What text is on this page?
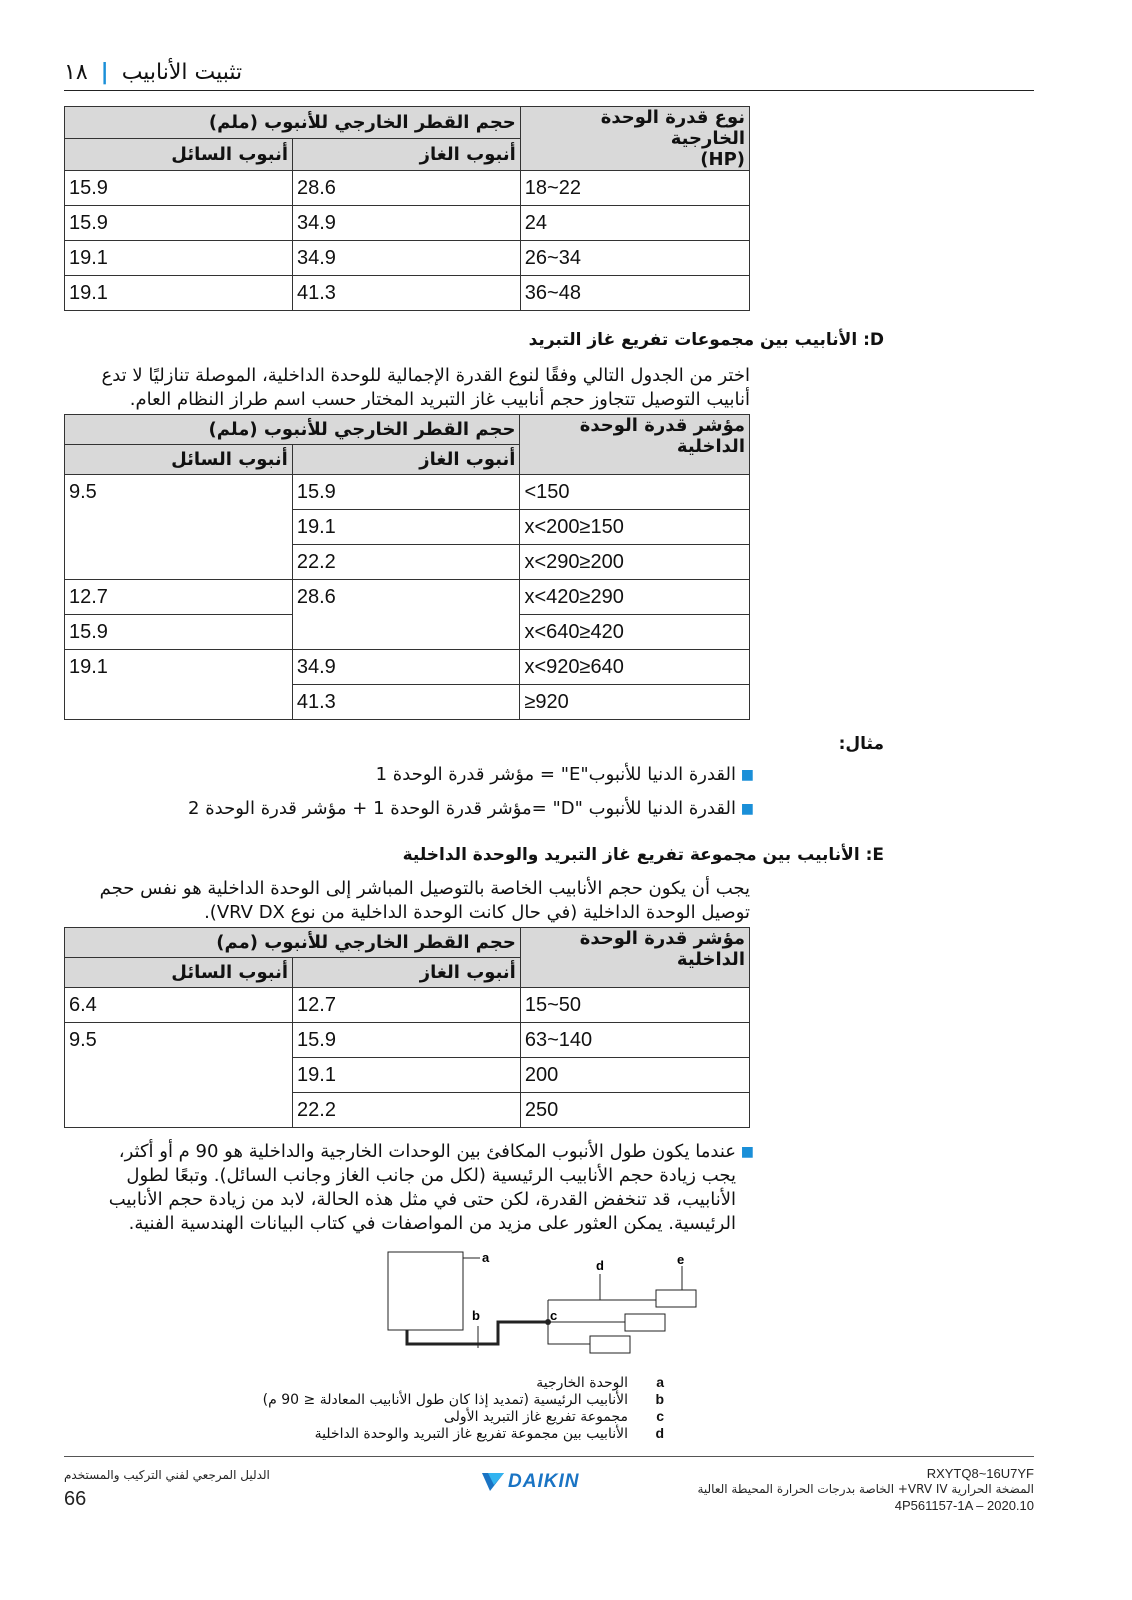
تثبيت الأنابيب | ١٨
نوع قدرة الوحدة الخارجية
(HP)	حجم القطر الخارجي للأنبوب (ملم)	
	أنبوب الغاز	أنبوب السائل
22~18	28.6	15.9
24	34.9	15.9
34~26	34.9	19.1
48~36	41.3	19.1
D: الأنابيب بين مجموعات تفريع غاز التبريد
اختر من الجدول التالي وفقًا لنوع القدرة الإجمالية للوحدة الداخلية، الموصلة تنازليًا لا تدع
أنابيب التوصيل تتجاوز حجم أنابيب غاز التبريد المختار حسب اسم طراز النظام العام.
مؤشر قدرة الوحدة الداخلية	حجم القطر الخارجي للأنبوب (ملم)	
	أنبوب الغاز	أنبوب السائل
150>	15.9	9.5
x<200≥150	19.1	
x<290≥200	22.2	
x<420≥290	28.6	12.7
x<640≥420		15.9
x<920≥640	34.9	19.1
920≤	41.3	
مثال:
■
القدرة الدنيا للأنبوب"E" = مؤشر قدرة الوحدة 1
■
القدرة الدنيا للأنبوب "D" =مؤشر قدرة الوحدة 1 + مؤشر قدرة الوحدة 2
E: الأنابيب بين مجموعة تفريع غاز التبريد والوحدة الداخلية
يجب أن يكون حجم الأنابيب الخاصة بالتوصيل المباشر إلى الوحدة الداخلية هو نفس حجم
توصيل الوحدة الداخلية (في حال كانت الوحدة الداخلية من نوع VRV DX).
مؤشر قدرة الوحدة الداخلية	حجم القطر الخارجي للأنبوب (مم)	
	أنبوب الغاز	أنبوب السائل
50~15	12.7	6.4
140~63	15.9	9.5
200	19.1	
250	22.2	
■
عندما يكون طول الأنبوب المكافئ بين الوحدات الخارجية والداخلية هو 90 م أو أكثر،
يجب زيادة حجم الأنابيب الرئيسية (لكل من جانب الغاز وجانب السائل). وتبعًا لطول
الأنابيب، قد تنخفض القدرة، لكن حتى في مثل هذه الحالة، لابد من زيادة حجم الأنابيب
الرئيسية. يمكن العثور على مزيد من المواصفات في كتاب البيانات الهندسية الفنية.
a
b	c
d	e
aالوحدة الخارجية
bالأنابيب الرئيسية (تمديد إذا كان طول الأنابيب المعادلة ≤ 90 م)
cمجموعة تفريع غاز التبريد الأولى
dالأنابيب بين مجموعة تفريع غاز التبريد والوحدة الداخلية
الدليل المرجعي لفني التركيب والمستخدم
66
DAIKIN	RXYTQ8~16U7YF
المضخة الحرارية VRV IV+ الخاصة بدرجات الحرارة المحيطة العالية
4P561157-1A – 2020.10
